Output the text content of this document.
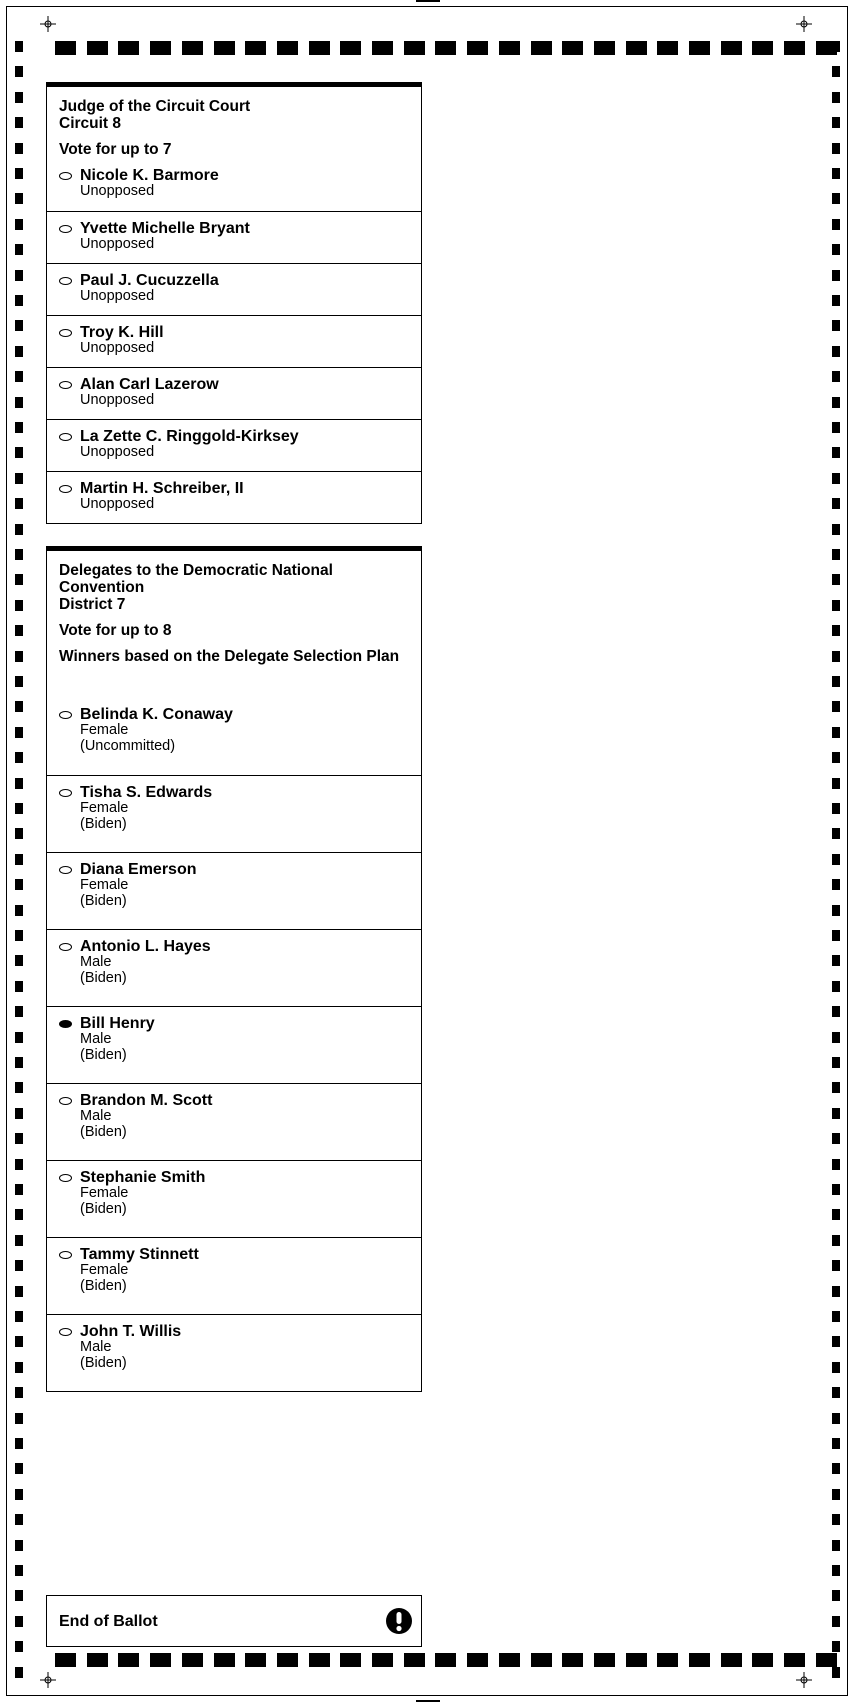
Judge of the Circuit Court
Circuit 8
Vote for up to 7
Nicole K. Barmore
Unopposed
Yvette Michelle Bryant
Unopposed
Paul J. Cucuzzella
Unopposed
Troy K. Hill
Unopposed
Alan Carl Lazerow
Unopposed
La Zette C. Ringgold-Kirksey
Unopposed
Martin H. Schreiber, II
Unopposed
Delegates to the Democratic National
Convention
District 7
Vote for up to 8
Winners based on the Delegate Selection Plan
Belinda K. Conaway
Female
(Uncommitted)
Tisha S. Edwards
Female
(Biden)
Diana Emerson
Female
(Biden)
Antonio L. Hayes
Male
(Biden)
Bill Henry
Male
(Biden)
Brandon M. Scott
Male
(Biden)
Stephanie Smith
Female
(Biden)
Tammy Stinnett
Female
(Biden)
John T. Willis
Male
(Biden)
End of Ballot
